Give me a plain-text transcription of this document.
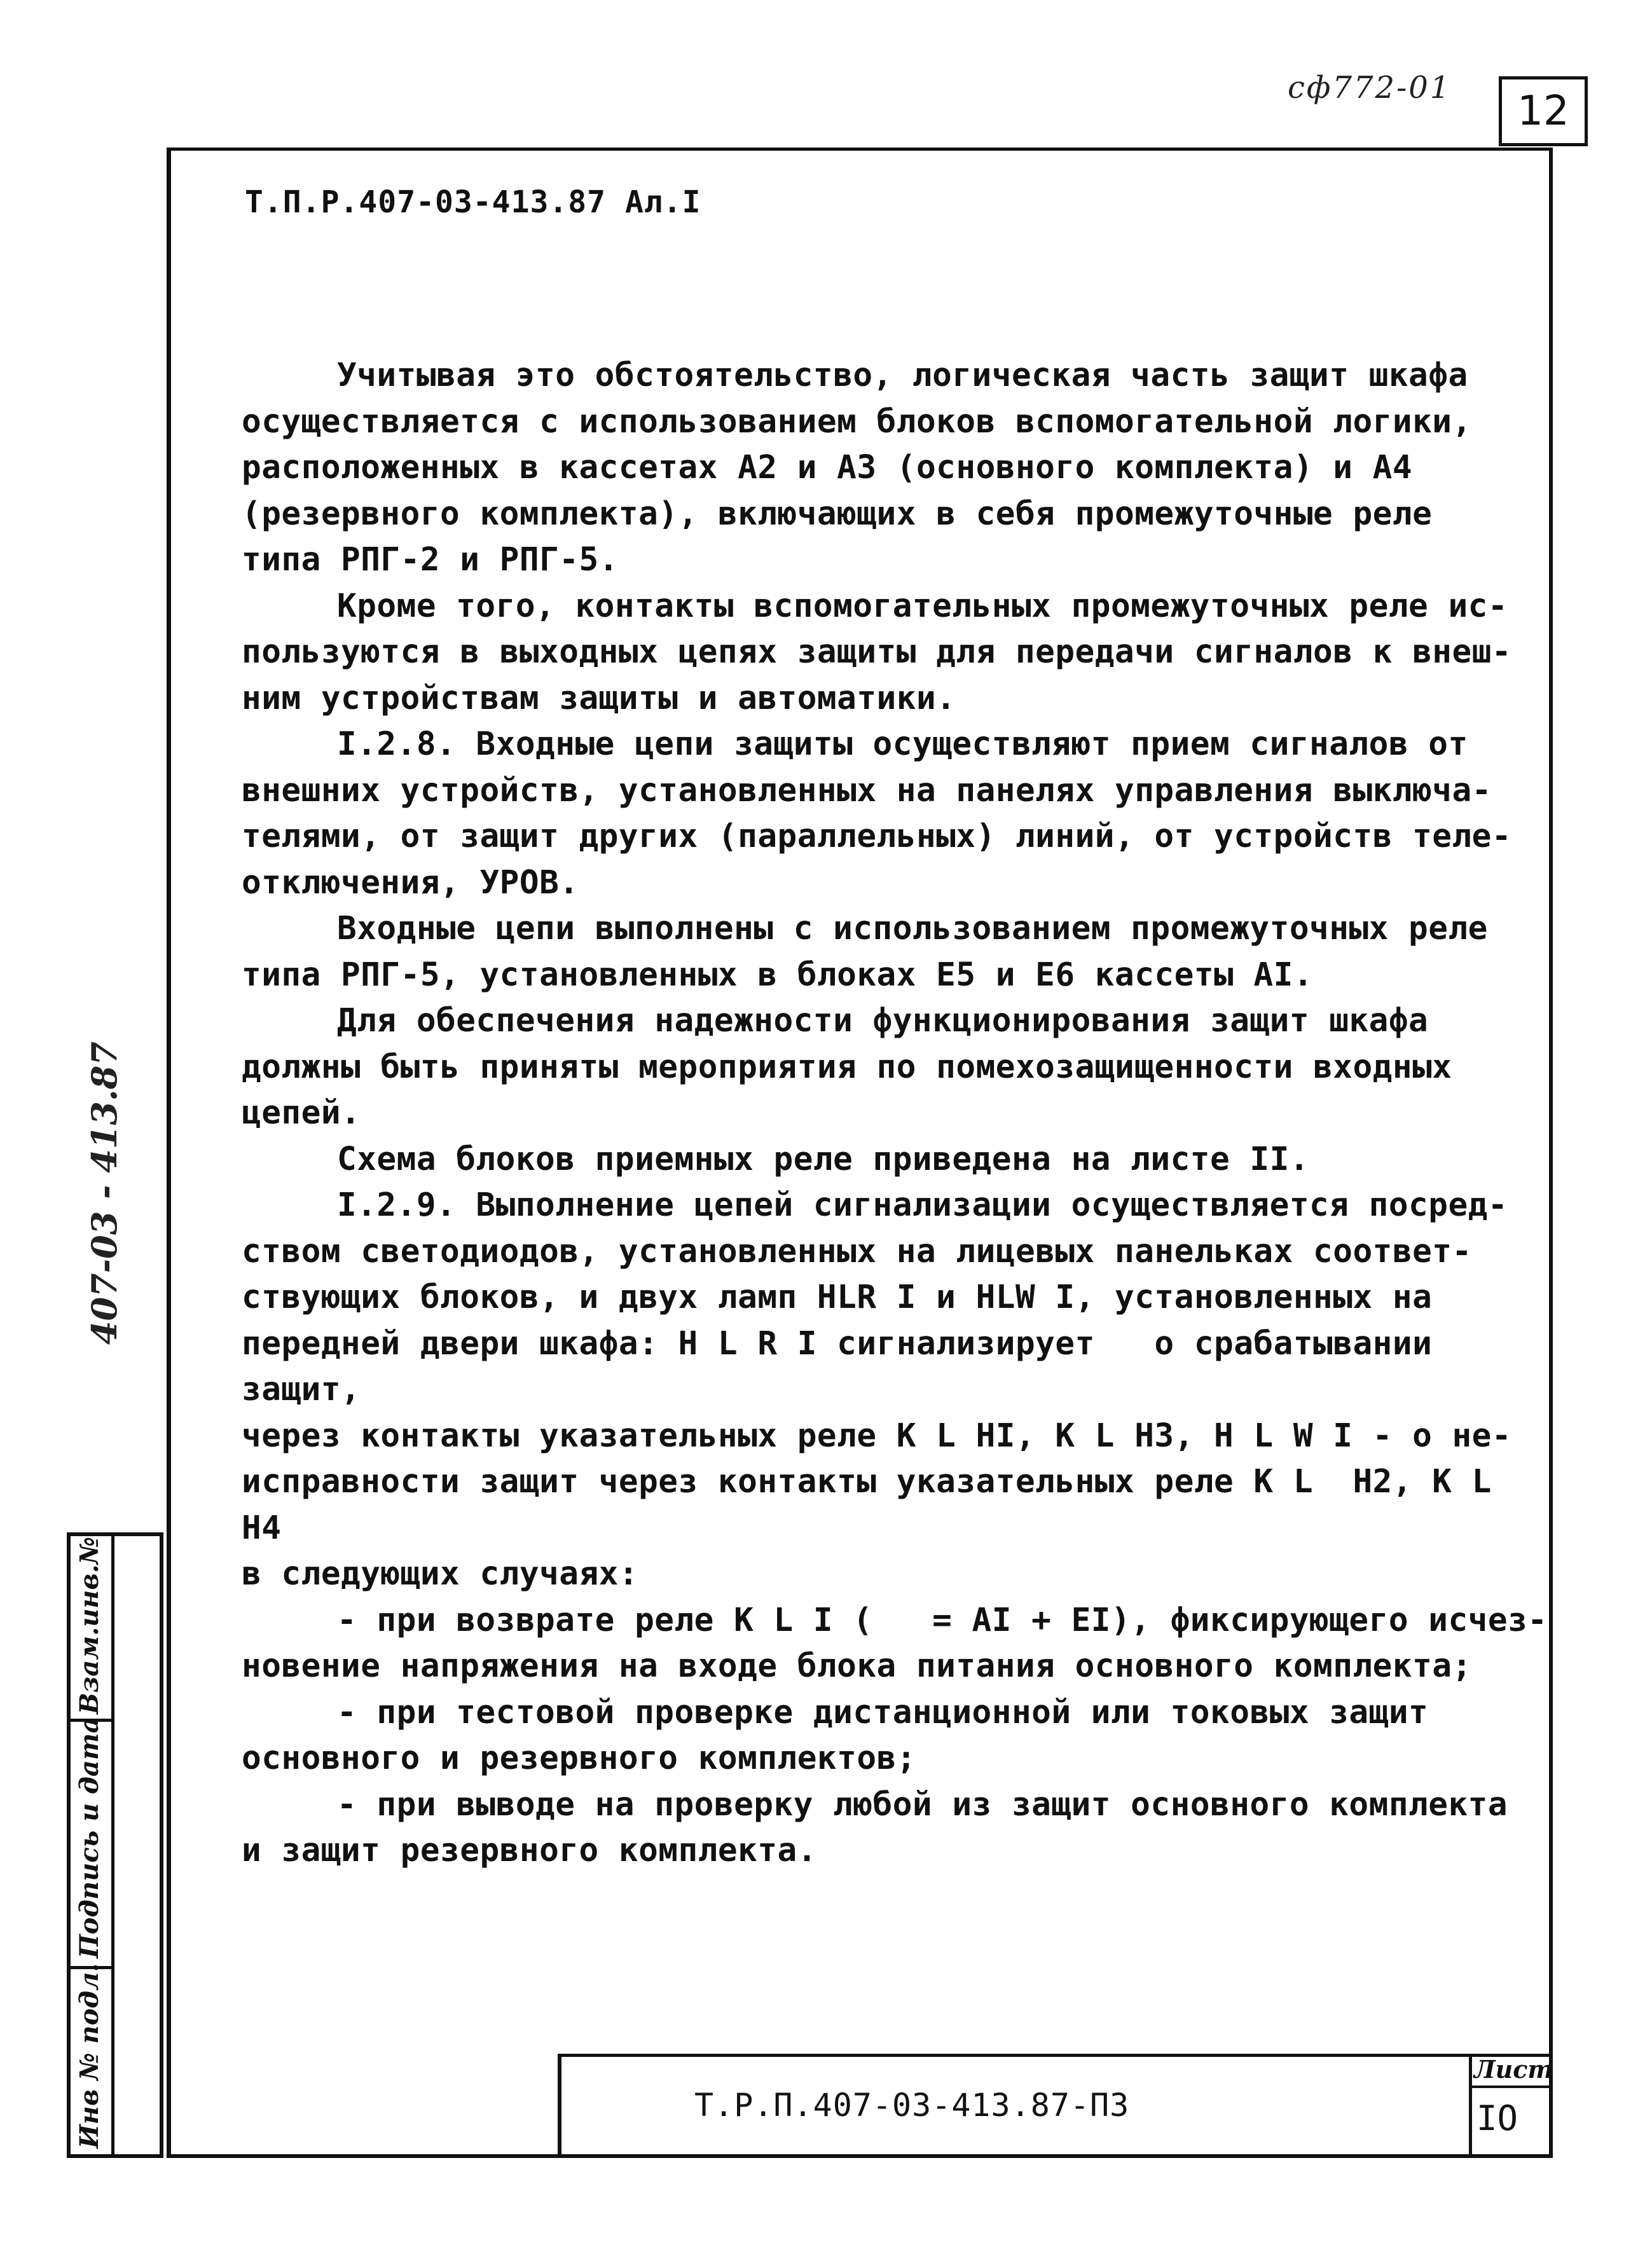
сф772-01 12
Т.П.Р.407-03-413.87 Ал.I

Учитывая это обстоятельство, логическая часть защит шкафа
осуществляется с использованием блоков вспомогательной логики,
расположенных в кассетах А2 и А3 (основного комплекта) и А4
(резервного комплекта), включающих в себя промежуточные реле
типа РПГ-2 и РПГ-5.

Кроме того, контакты вспомогательных промежуточных реле ис-
пользуются в выходных цепях защиты для передачи сигналов к внеш-
ним устройствам защиты и автоматики.

I.2.8. Входные цепи защиты осуществляют прием сигналов от
внешних устройств, установленных на панелях управления выключа-
телями, от защит других (параллельных) линий, от устройств теле-
отключения, УРОВ.

Входные цепи выполнены с использованием промежуточных реле
типа РПГ-5, установленных в блоках Е5 и Е6 кассеты АI.

Для обеспечения надежности функционирования защит шкафа
должны быть приняты мероприятия по помехозащищенности входных
цепей.

Схема блоков приемных реле приведена на листе II.

I.2.9. Выполнение цепей сигнализации осуществляется посред-
ством светодиодов, установленных на лицевых панельках соответ-
ствующих блоков, и двух ламп HLR I и HLW I, установленных на
передней двери шкафа: H L R I сигнализирует   о срабатывании защит,
через контакты указательных реле K L HI, K L H3, H L W I - о не-
исправности защит через контакты указательных реле K L  H2, K L  H4
в следующих случаях:

- при возврате реле K L I (   = AI + EI), фиксирующего исчез-
новение напряжения на входе блока питания основного комплекта;

- при тестовой проверке дистанционной или токовых защит
основного и резервного комплектов;

- при выводе на проверку любой из защит основного комплекта
и защит резервного комплекта.

407-03 - 413.87
Взам.инв.№
Подпись и дата
Инв № подл.	Т.Р.П.407-03-413.87-ПЗ
Лист
IO
